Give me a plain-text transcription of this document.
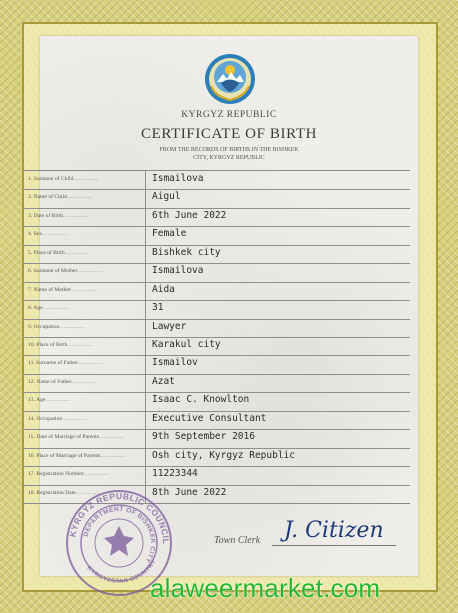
KYRGYZ REPUBLIC
CERTIFICATE OF BIRTH
FROM THE RECORDS OF BIRTHS IN THE BISHKEK
CITY, KYRGYZ REPUBLIC
1. Surname of Child..................	Ismailova
2. Name of Child..................	Aigul
3. Date of Birth..................	6th June 2022
4. Sex..................	Female
5. Place of Birth..................	Bishkek city
6. Surname of Mother..................	Ismailova
7. Name of Mother..................	Aida
8. Age..................	31
9. Occupation..................	Lawyer
10. Place of Birth..................	Karakul city
11. Surname of Father..................	Ismailov
12. Name of Father..................	Azat
13. Age..................	Isaac C. Knowlton
14. Occupation..................	Executive Consultant
15. Date of Marriage of Parents..................	9th September 2016
16. Place of Marriage of Parents..................	Osh city, Kyrgyz Republic
17. Registration Number..................	11223344
18. Registration Date..................	8th June 2022
KYRGYZ REPUBLIC COUNCIL
DEPARTMENT OF BISHKEK CITY
KYRGYZSTAN COUNTRY
Town Clerk J. Citizen
alaweermarket.com
